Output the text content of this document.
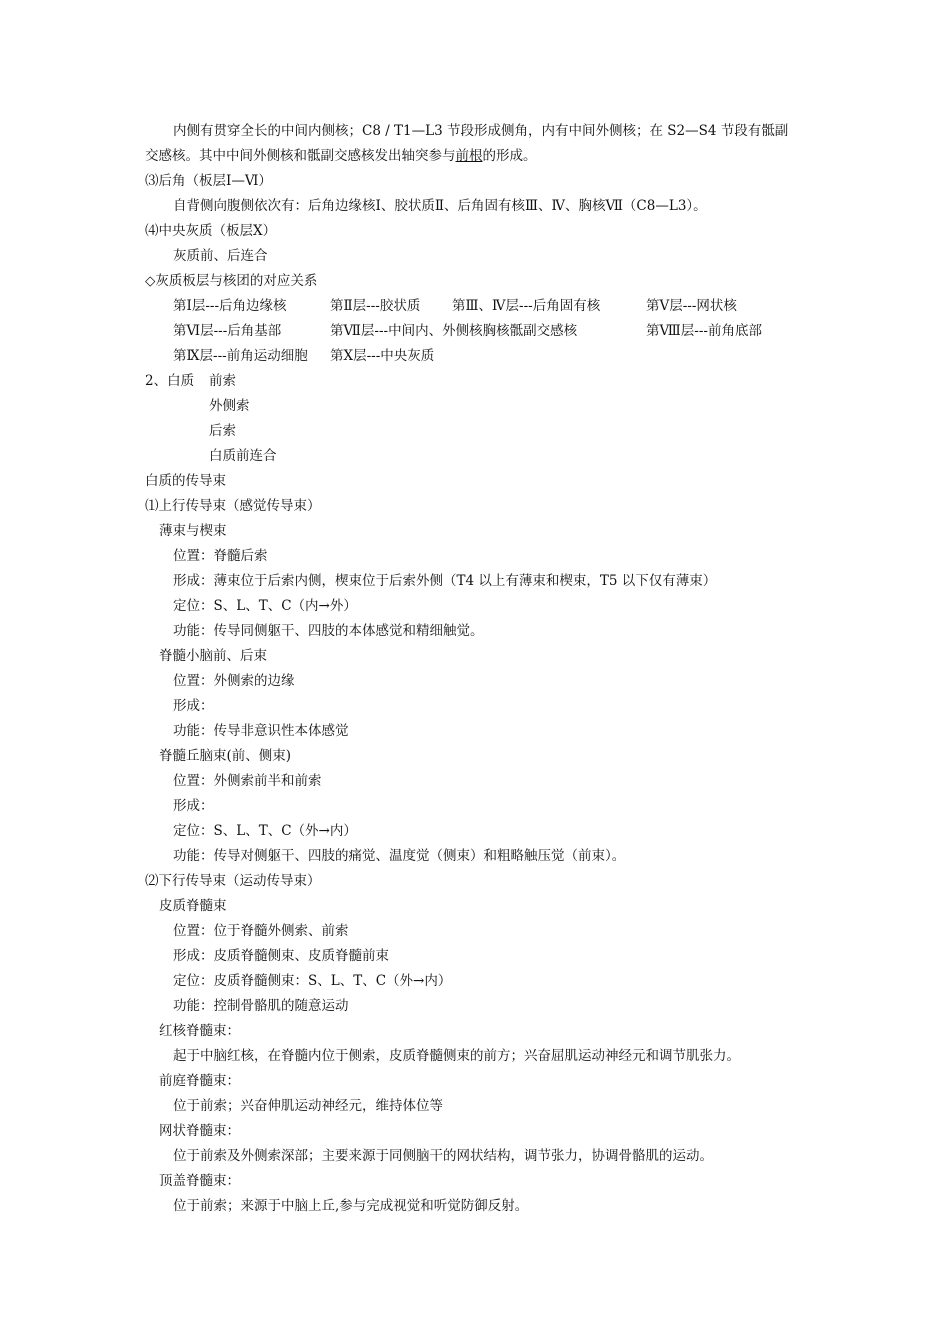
内侧有贯穿全长的中间内侧核；C8 / T1—L3 节段形成侧角，内有中间外侧核；在 S2—S4 节段有骶副
交感核。其中中间外侧核和骶副交感核发出轴突参与前根的形成。
⑶后角（板层Ⅰ—Ⅵ）
自背侧向腹侧依次有：后角边缘核Ⅰ、胶状质Ⅱ、后角固有核Ⅲ、Ⅳ、胸核Ⅶ（C8—L3）。
⑷中央灰质（板层Ⅹ）
灰质前、后连合
◇灰质板层与核团的对应关系
第Ⅰ层---后角边缘核	第Ⅱ层---胶状质 第Ⅲ、Ⅳ层---后角固有核	第Ⅴ层---网状核
第Ⅵ层---后角基部	第Ⅶ层---中间内、外侧核胸核骶副交感核	第Ⅷ层---前角底部
第Ⅸ层---前角运动细胞 第Ⅹ层---中央灰质
2、白质 前索
外侧索
后索
白质前连合
白质的传导束
⑴上行传导束（感觉传导束）
薄束与楔束
位置：脊髓后索
形成：薄束位于后索内侧，楔束位于后索外侧（T4 以上有薄束和楔束，T5 以下仅有薄束）
定位：S、L、T、C（内→外）
功能：传导同侧躯干、四肢的本体感觉和精细触觉。
脊髓小脑前、后束
位置：外侧索的边缘
形成：
功能：传导非意识性本体感觉
脊髓丘脑束(前、侧束)
位置：外侧索前半和前索
形成：
定位：S、L、T、C（外→内）
功能：传导对侧躯干、四肢的痛觉、温度觉（侧束）和粗略触压觉（前束）。
⑵下行传导束（运动传导束）
皮质脊髓束
位置：位于脊髓外侧索、前索
形成：皮质脊髓侧束、皮质脊髓前束
定位：皮质脊髓侧束：S、L、T、C（外→内）
功能：控制骨骼肌的随意运动
红核脊髓束：
起于中脑红核，在脊髓内位于侧索，皮质脊髓侧束的前方；兴奋屈肌运动神经元和调节肌张力。
前庭脊髓束：
位于前索；兴奋伸肌运动神经元，维持体位等
网状脊髓束：
位于前索及外侧索深部；主要来源于同侧脑干的网状结构，调节张力，协调骨骼肌的运动。
顶盖脊髓束：
位于前索；来源于中脑上丘,参与完成视觉和听觉防御反射。
